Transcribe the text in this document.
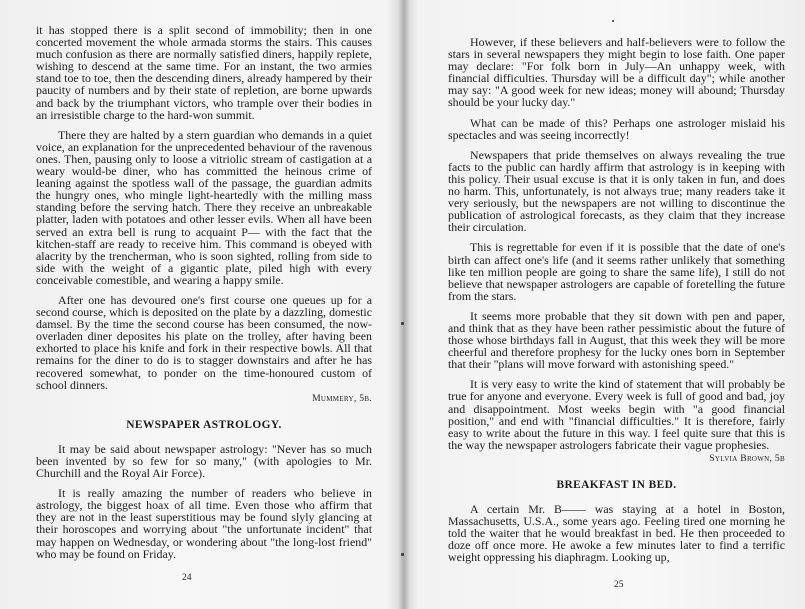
it has stopped there is a split second of immobility; then in one concerted movement the whole armada storms the stairs. This causes much confusion as there are normally satisfied diners, happily replete, wishing to descend at the same time. For an instant, the two armies stand toe to toe, then the descending diners, already hampered by their paucity of numbers and by their state of repletion, are borne upwards and back by the triumphant victors, who trample over their bodies in an irresistible charge to the hard-won summit.

There they are halted by a stern guardian who demands in a quiet voice, an explanation for the unprecedented behaviour of the ravenous ones. Then, pausing only to loose a vitriolic stream of castigation at a weary would-be diner, who has committed the heinous crime of leaning against the spotless wall of the passage, the guardian admits the hungry ones, who mingle light-heartedly with the milling mass standing before the serving hatch. There they receive an unbreakable platter, laden with potatoes and other lesser evils. When all have been served an extra bell is rung to acquaint P— with the fact that the kitchen-staff are ready to receive him. This command is obeyed with alacrity by the trencherman, who is soon sighted, rolling from side to side with the weight of a gigantic plate, piled high with every conceivable comestible, and wearing a happy smile.

After one has devoured one's first course one queues up for a second course, which is deposited on the plate by a dazzling, domestic damsel. By the time the second course has been consumed, the now-overladen diner deposites his plate on the trolley, after having been exhorted to place his knife and fork in their respective bowls. All that remains for the diner to do is to stagger downstairs and after he has recovered somewhat, to ponder on the time-honoured custom of school dinners.

Mummery, 5b.
NEWSPAPER ASTROLOGY.

It may be said about newspaper astrology: "Never has so much been invented by so few for so many," (with apologies to Mr. Churchill and the Royal Air Force).

It is really amazing the number of readers who believe in astrology, the biggest hoax of all time. Even those who affirm that they are not in the least superstitious may be found slyly glancing at their horoscopes and worrying about "the unfortunate incident" that may happen on Wednesday, or wondering about "the long-lost friend" who may be found on Friday.

24

However, if these believers and half-believers were to follow the stars in several newspapers they might begin to lose faith. One paper may declare: "For folk born in July—An unhappy week, with financial difficulties. Thursday will be a difficult day"; while another may say: "A good week for new ideas; money will abound; Thursday should be your lucky day."

What can be made of this? Perhaps one astrologer mislaid his spectacles and was seeing incorrectly!

Newspapers that pride themselves on always revealing the true facts to the public can hardly affirm that astrology is in keeping with this policy. Their usual excuse is that it is only taken in fun, and does no harm. This, unfortunately, is not always true; many readers take it very seriously, but the newspapers are not willing to discontinue the publication of astrological forecasts, as they claim that they increase their circulation.

This is regrettable for even if it is possible that the date of one's birth can affect one's life (and it seems rather unlikely that something like ten million people are going to share the same life), I still do not believe that newspaper astrologers are capable of foretelling the future from the stars.

It seems more probable that they sit down with pen and paper, and think that as they have been rather pessimistic about the future of those whose birthdays fall in August, that this week they will be more cheerful and therefore prophesy for the lucky ones born in September that their "plans will move forward with astonishing speed."

It is very easy to write the kind of statement that will probably be true for anyone and everyone. Every week is full of good and bad, joy and disappointment. Most weeks begin with "a good financial position," and end with "financial difficulties." It is therefore, fairly easy to write about the future in this way. I feel quite sure that this is the way the newspaper astrologers fabricate their vague prophesies.

Sylvia Brown, 5b
BREAKFAST IN BED.

A certain Mr. B—— was staying at a hotel in Boston, Massachusetts, U.S.A., some years ago. Feeling tired one morning he told the waiter that he would breakfast in bed. He then proceeded to doze off once more. He awoke a few minutes later to find a terrific weight oppressing his diaphragm. Looking up,

25
